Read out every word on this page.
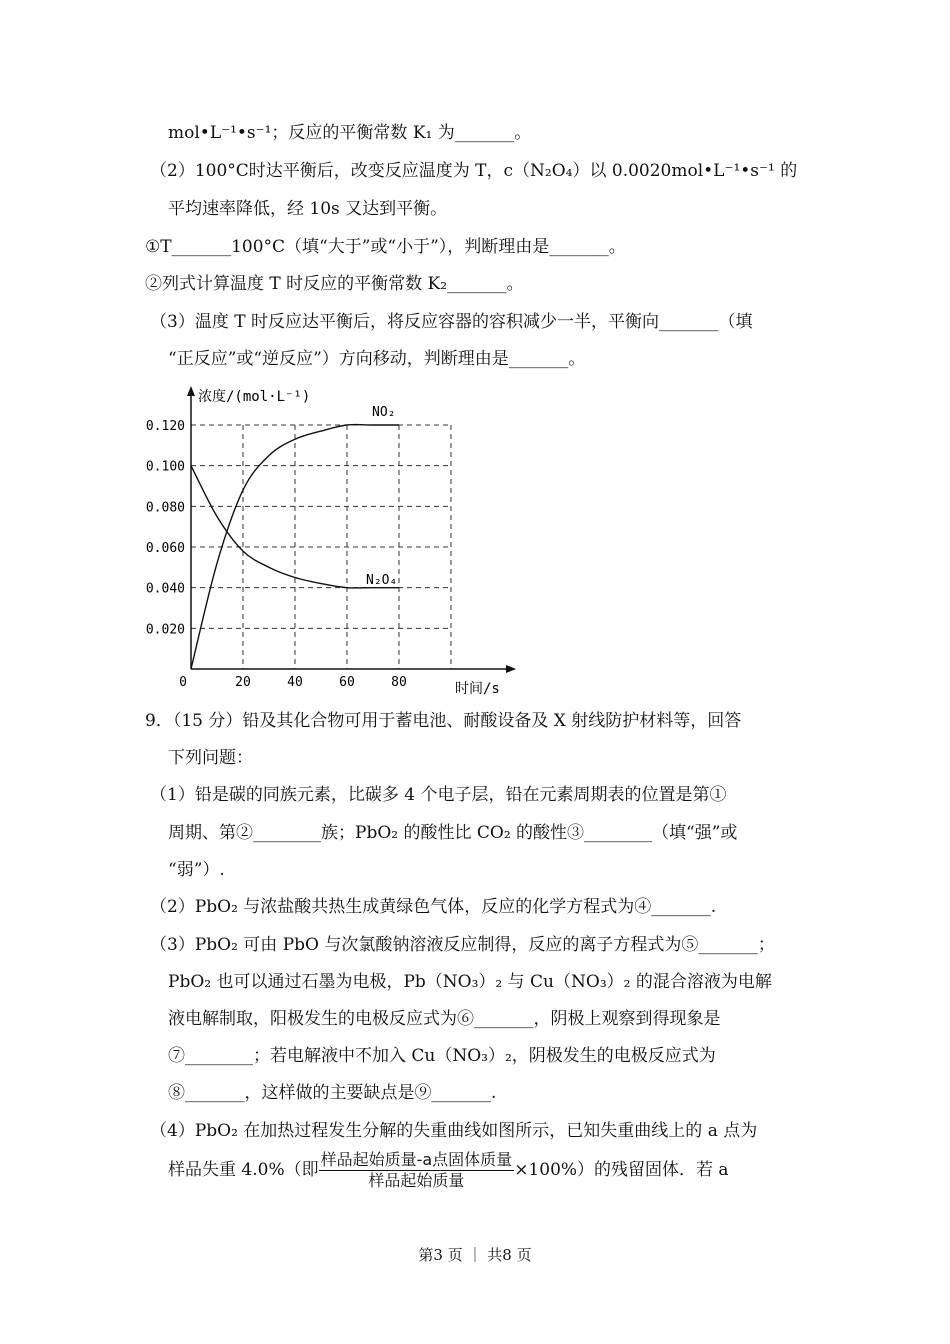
mol•L⁻¹•s⁻¹；反应的平衡常数 K₁ 为_______。
（2）100°C时达平衡后，改变反应温度为 T，c（N₂O₄）以 0.0020mol•L⁻¹•s⁻¹ 的
平均速率降低，经 10s 又达到平衡。
①T_______100°C（填“大于”或“小于”），判断理由是_______。
②列式计算温度 T 时反应的平衡常数 K₂_______。
（3）温度 T 时反应达平衡后，将反应容器的容积减少一半，平衡向_______（填
“正反应”或“逆反应”）方向移动，判断理由是_______。
0.020
0.040
0.060
0.080
0.100
0.120
0	20	40	60	80
浓度/(mol·L⁻¹)
时间/s
NO₂
N₂O₄
9．（15 分）铅及其化合物可用于蓄电池、耐酸设备及 X 射线防护材料等，回答
下列问题：
（1）铅是碳的同族元素，比碳多 4 个电子层，铅在元素周期表的位置是第①
周期、第②________族；PbO₂ 的酸性比 CO₂ 的酸性③________（填“强”或
“弱”）.
（2）PbO₂ 与浓盐酸共热生成黄绿色气体，反应的化学方程式为④_______.
（3）PbO₂ 可由 PbO 与次氯酸钠溶液反应制得，反应的离子方程式为⑤_______；
PbO₂ 也可以通过石墨为电极，Pb（NO₃）₂ 与 Cu（NO₃）₂ 的混合溶液为电解
液电解制取，阳极发生的电极反应式为⑥_______，阴极上观察到得现象是
⑦________；若电解液中不加入 Cu（NO₃）₂，阴极发生的电极反应式为
⑧_______，这样做的主要缺点是⑨_______.
（4）PbO₂ 在加热过程发生分解的失重曲线如图所示，已知失重曲线上的 a 点为
样品失重 4.0%（即 $\frac{\text{样品起始质量-a点固体质量}}{\text{样品起始质量}} \times 100\%$）的残留固体．若 a
第3 页 ｜ 共8 页
